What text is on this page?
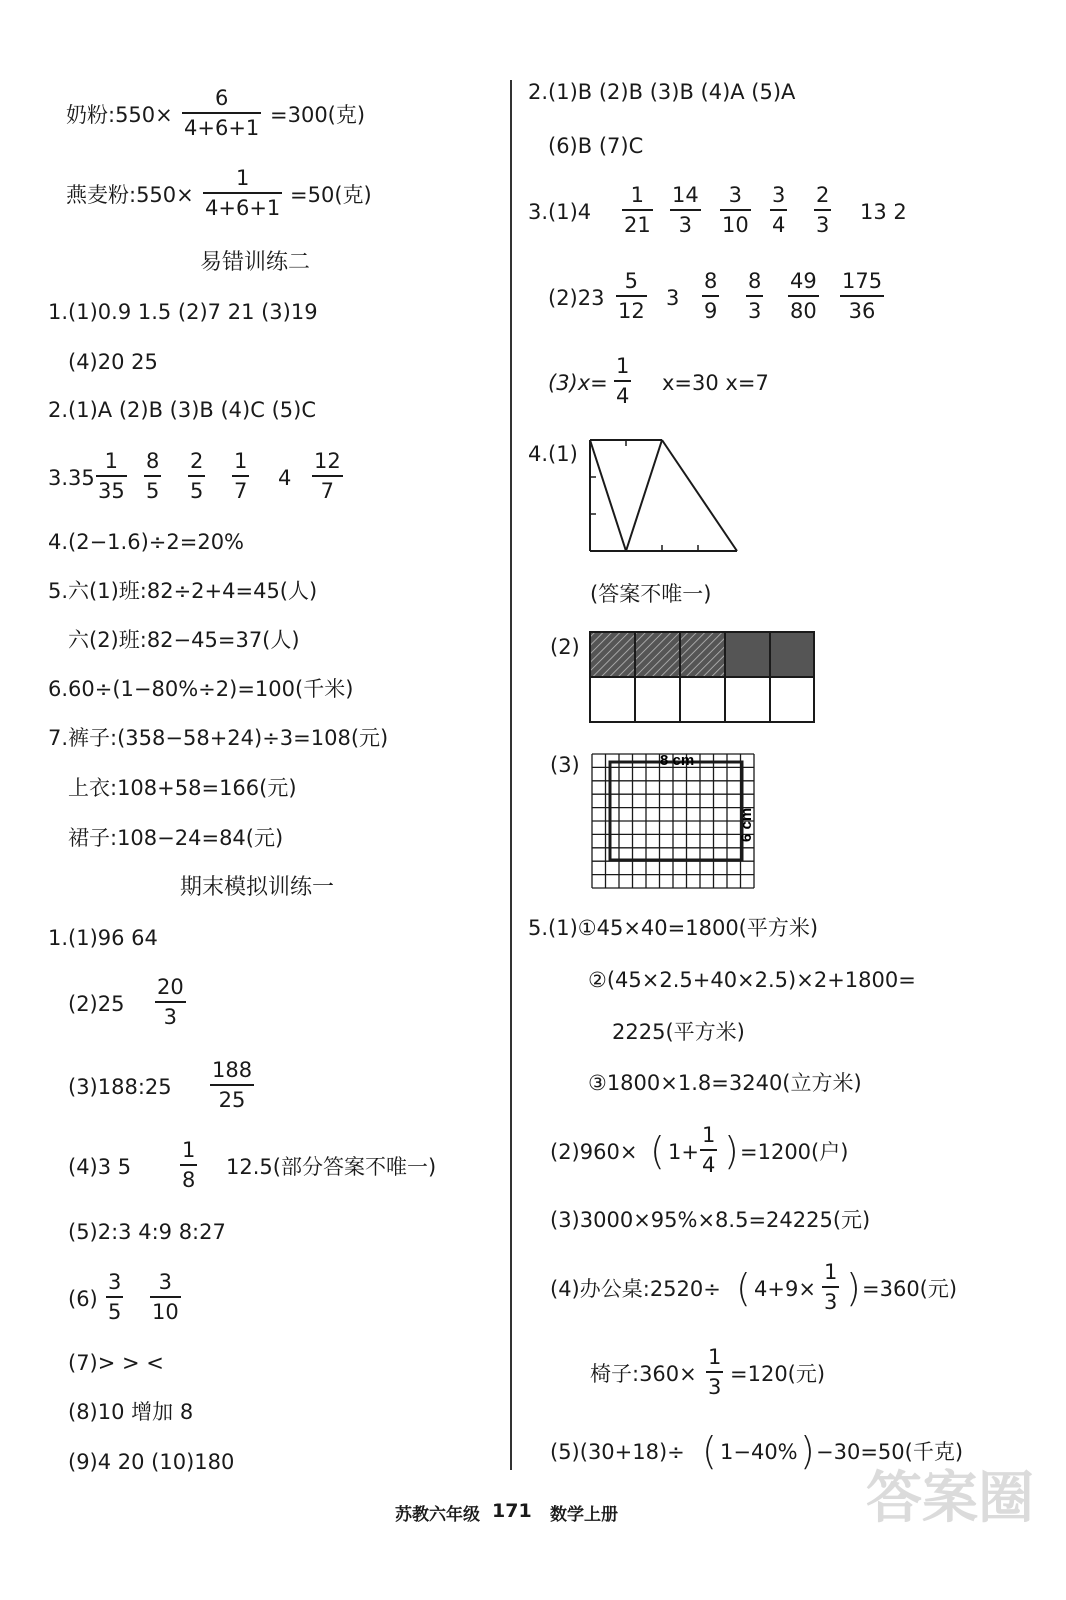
奶粉:550×
6
4+6+1
=300(克)
燕麦粉:550×
1
4+6+1
=50(克)
易错训练二
1.(1)0.9 1.5 (2)7 21 (3)19
(4)20 25
2.(1)A (2)B (3)B (4)C (5)C
3.35
1
35
8
5
2
5
1
7
4
12
7
4.(2−1.6)÷2=20%
5.六(1)班:82÷2+4=45(人)
六(2)班:82−45=37(人)
6.60÷(1−80%÷2)=100(千米)
7.裤子:(358−58+24)÷3=108(元)
上衣:108+58=166(元)
裙子:108−24=84(元)
期末模拟训练一
1.(1)96 64
(2)25
20
3
(3)188:25
188
25
(4)3 5
1
8
12.5(部分答案不唯一)
(5)2:3 4:9 8:27
(6)
3
5
3
10
(7)> > <
(8)10 增加 8
(9)4 20 (10)180
2.(1)B (2)B (3)B (4)A (5)A
(6)B (7)C
3.(1)4
1
21
14
3
3
10
3
4
2
3
13 2
(2)23
5
12
3
8
9
8
3
49
80
175
36
(3)x=
1
4
x=30 x=7
4.(1)
(答案不唯一)
(2)
(3)	8 cm
6 cm
5.(1)①45×40=1800(平方米)
②(45×2.5+40×2.5)×2+1800=
2225(平方米)
③1800×1.8=3240(立方米)
(2)960× ( 1+
1
4 ) =1200(户)
(3)3000×95%×8.5=24225(元)
(4)办公桌:2520÷ ( 4+9×
1
3 ) =360(元)
椅子:360×
1
3
=120(元)
(5)(30+18)÷ ( 1−40% ) −30=50(千克)
苏教六年级 171 数学上册	答案圈
